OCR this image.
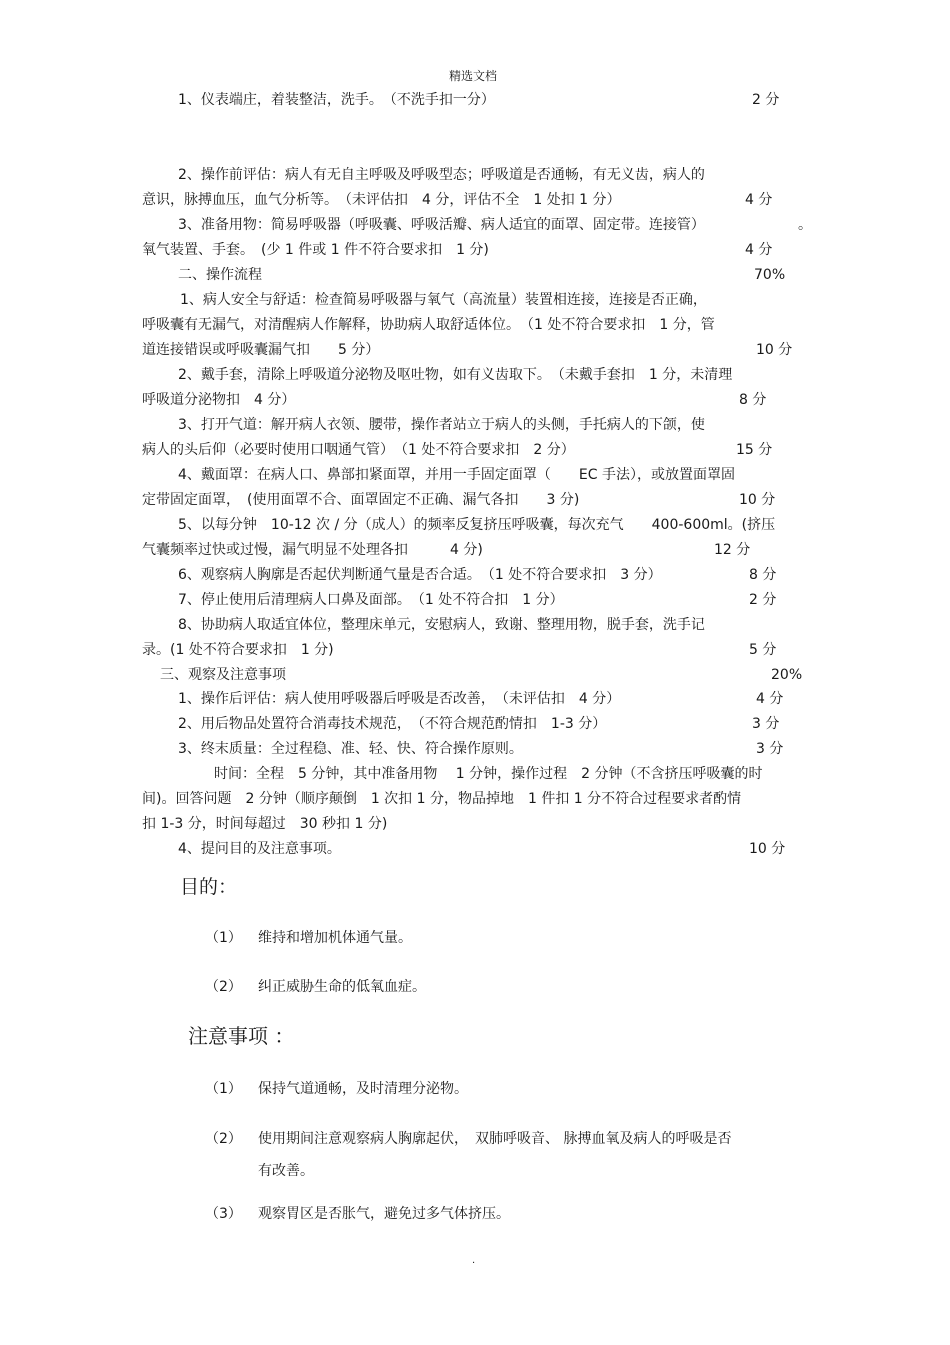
精选文档
1、仪表端庄，着装整洁，洗手。　（不洗手扣一分）	2 分
2、操作前评估：病人有无自主呼吸及呼吸型态；呼吸道是否通畅，有无义齿，病人的
意识，脉搏血压，血气分析等。　（未评估扣　4 分，评估不全　1 处扣 1 分）	4 分
3、准备用物：简易呼吸器（呼吸囊、呼吸活瓣、病人适宜的面罩、固定带。连接管）	。
氧气装置、手套。　(少 1 件或 1 件不符合要求扣　1 分)	4 分
二、操作流程	70%
1、病人安全与舒适：检查简易呼吸器与氧气（高流量）装置相连接，连接是否正确，
呼吸囊有无漏气，对清醒病人作解释，协助病人取舒适体位。　（1 处不符合要求扣　1 分，管
道连接错误或呼吸囊漏气扣　　5 分）	10 分
2、戴手套，清除上呼吸道分泌物及呕吐物，如有义齿取下。　（未戴手套扣　1 分，未清理
呼吸道分泌物扣　4 分）	8 分
3、打开气道：解开病人衣领、腰带，操作者站立于病人的头侧，手托病人的下颌，使
病人的头后仰（必要时使用口咽通气管）　（1 处不符合要求扣　2 分）	15 分
4、戴面罩：在病人口、鼻部扣紧面罩，并用一手固定面罩（　　EC 手法），或放置面罩固
定带固定面罩，　(使用面罩不合、面罩固定不正确、漏气各扣　　3 分)	10 分
5、以每分钟　10-12 次 / 分（成人）的频率反复挤压呼吸囊，每次充气　　400-600ml。(挤压
气囊频率过快或过慢，漏气明显不处理各扣　　　4 分)	12 分
6、观察病人胸廓是否起伏判断通气量是否合适。　（1 处不符合要求扣　3 分）	8 分
7、停止使用后清理病人口鼻及面部。　（1 处不符合扣　1 分）	2 分
8、协助病人取适宜体位，整理床单元，安慰病人，致谢、整理用物，脱手套，洗手记
录。(1 处不符合要求扣　1 分)	5 分
三、观察及注意事项	20%
1、操作后评估：病人使用呼吸器后呼吸是否改善，　（未评估扣　4 分）	4 分
2、用后物品处置符合消毒技术规范，　（不符合规范酌情扣　1-3 分）	3 分
3、终末质量：全过程稳、准、轻、快、符合操作原则。	3 分
时间：全程　5 分钟，其中准备用物　 1 分钟，操作过程　2 分钟（不含挤压呼吸囊的时
间)。回答问题　2 分钟（顺序颠倒　1 次扣 1 分，物品掉地　1 件扣 1 分不符合过程要求者酌情
扣 1-3 分，时间每超过　30 秒扣 1 分)
4、提问目的及注意事项。	10 分
目的：
（1） 维持和增加机体通气量。
（2） 纠正威胁生命的低氧血症。
注意事项 ：
（1） 保持气道通畅，及时清理分泌物。
（2） 使用期间注意观察病人胸廓起伏，　双肺呼吸音、 脉搏血氧及病人的呼吸是否
有改善。
（3） 观察胃区是否胀气，避免过多气体挤压。
.
